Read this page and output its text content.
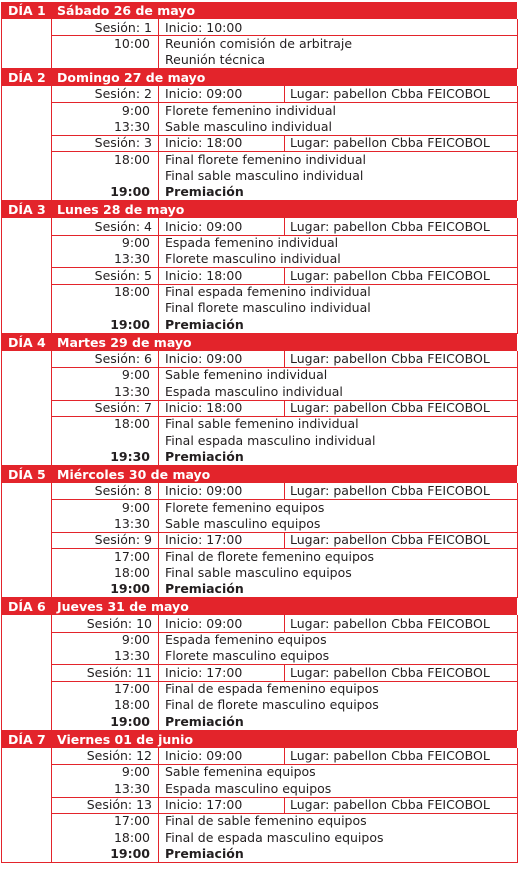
DÍA 1 Sábado 26 de mayo
Sesión: 1 Inicio: 10:00
10:00 Reunión comisión de arbitraje
Reunión técnica
DÍA 2 Domingo 27 de mayo
Sesión: 2 Inicio: 09:00	Lugar: pabellon Cbba FEICOBOL
9:00 Florete femenino individual
13:30 Sable masculino individual
Sesión: 3 Inicio: 18:00	Lugar: pabellon Cbba FEICOBOL
18:00 Final florete femenino individual
Final sable masculino individual
19:00 Premiación
DÍA 3 Lunes 28 de mayo
Sesión: 4 Inicio: 09:00	Lugar: pabellon Cbba FEICOBOL
9:00 Espada femenino individual
13:30 Florete masculino individual
Sesión: 5 Inicio: 18:00	Lugar: pabellon Cbba FEICOBOL
18:00 Final espada femenino individual
Final florete masculino individual
19:00 Premiación
DÍA 4 Martes 29 de mayo
Sesión: 6 Inicio: 09:00	Lugar: pabellon Cbba FEICOBOL
9:00 Sable femenino individual
13:30 Espada masculino individual
Sesión: 7 Inicio: 18:00	Lugar: pabellon Cbba FEICOBOL
18:00 Final sable femenino individual
Final espada masculino individual
19:30 Premiación
DÍA 5 Miércoles 30 de mayo
Sesión: 8 Inicio: 09:00	Lugar: pabellon Cbba FEICOBOL
9:00 Florete femenino equipos
13:30 Sable masculino equipos
Sesión: 9 Inicio: 17:00	Lugar: pabellon Cbba FEICOBOL
17:00 Final de florete femenino equipos
18:00 Final sable masculino equipos
19:00 Premiación
DÍA 6 Jueves 31 de mayo
Sesión: 10 Inicio: 09:00	Lugar: pabellon Cbba FEICOBOL
9:00 Espada femenino equipos
13:30 Florete masculino equipos
Sesión: 11 Inicio: 17:00	Lugar: pabellon Cbba FEICOBOL
17:00 Final de espada femenino equipos
18:00 Final de florete masculino equipos
19:00 Premiación
DÍA 7 Viernes 01 de junio
Sesión: 12 Inicio: 09:00	Lugar: pabellon Cbba FEICOBOL
9:00 Sable femenina equipos
13:30 Espada masculino equipos
Sesión: 13 Inicio: 17:00	Lugar: pabellon Cbba FEICOBOL
17:00 Final de sable femenino equipos
18:00 Final de espada masculino equipos
19:00 Premiación
